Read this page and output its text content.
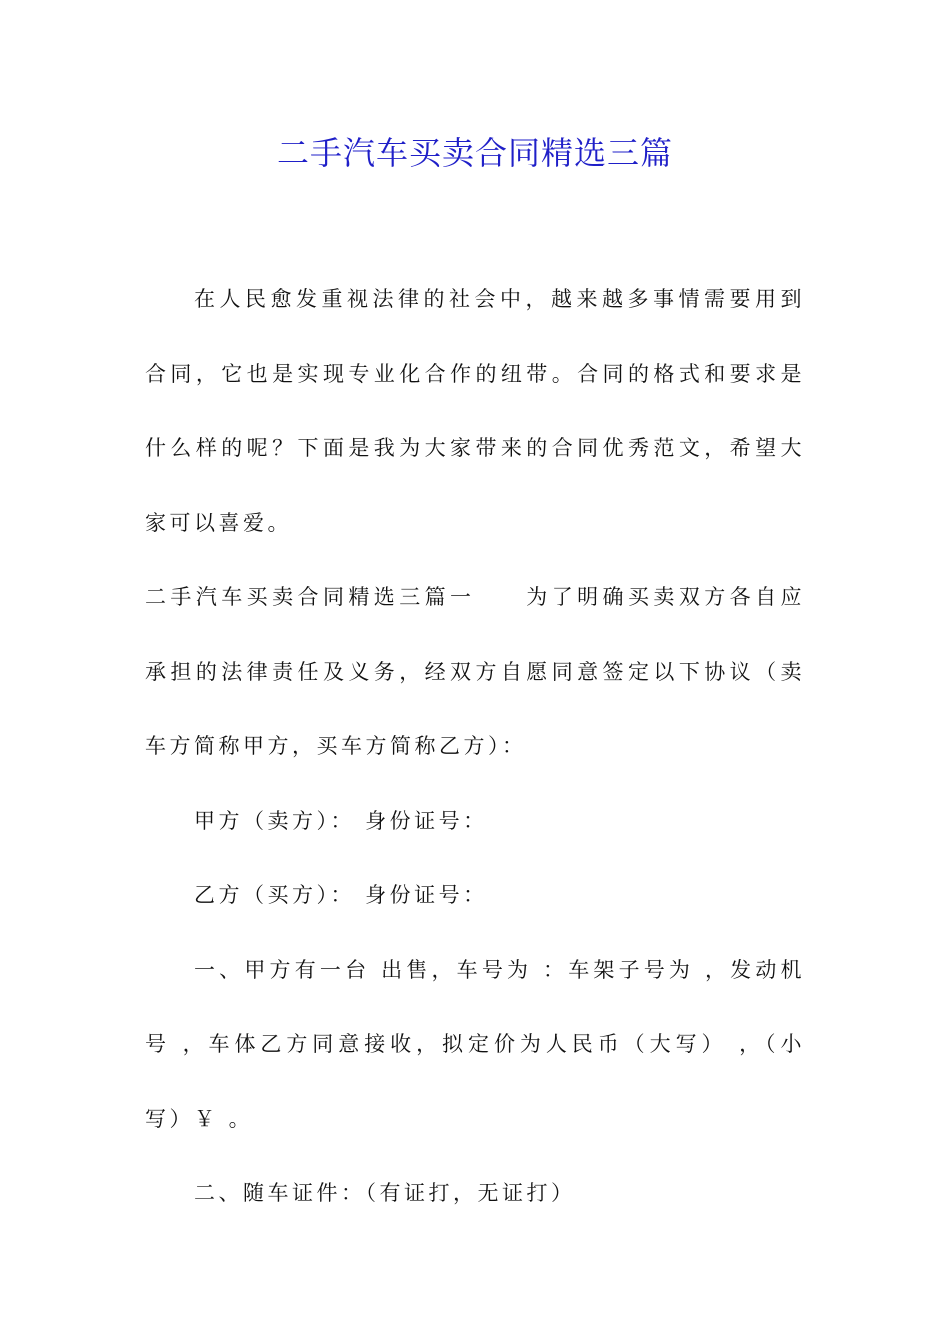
二手汽车买卖合同精选三篇

在人民愈发重视法律的社会中，越来越多事情需要用到合同，它也是实现专业化合作的纽带。合同的格式和要求是什么样的呢？下面是我为大家带来的合同优秀范文，希望大家可以喜爱。

二手汽车买卖合同精选三篇一　　为了明确买卖双方各自应承担的法律责任及义务，经双方自愿同意签定以下协议（卖车方简称甲方，买车方简称乙方）：

甲方（卖方）： 身份证号：

乙方（买方）： 身份证号：

一、甲方有一台 出售，车号为 ：车架子号为 ，发动机号 ，车体乙方同意接收，拟定价为人民币（大写） ，（小写）￥ 。

二、随车证件：（有证打，无证打）
